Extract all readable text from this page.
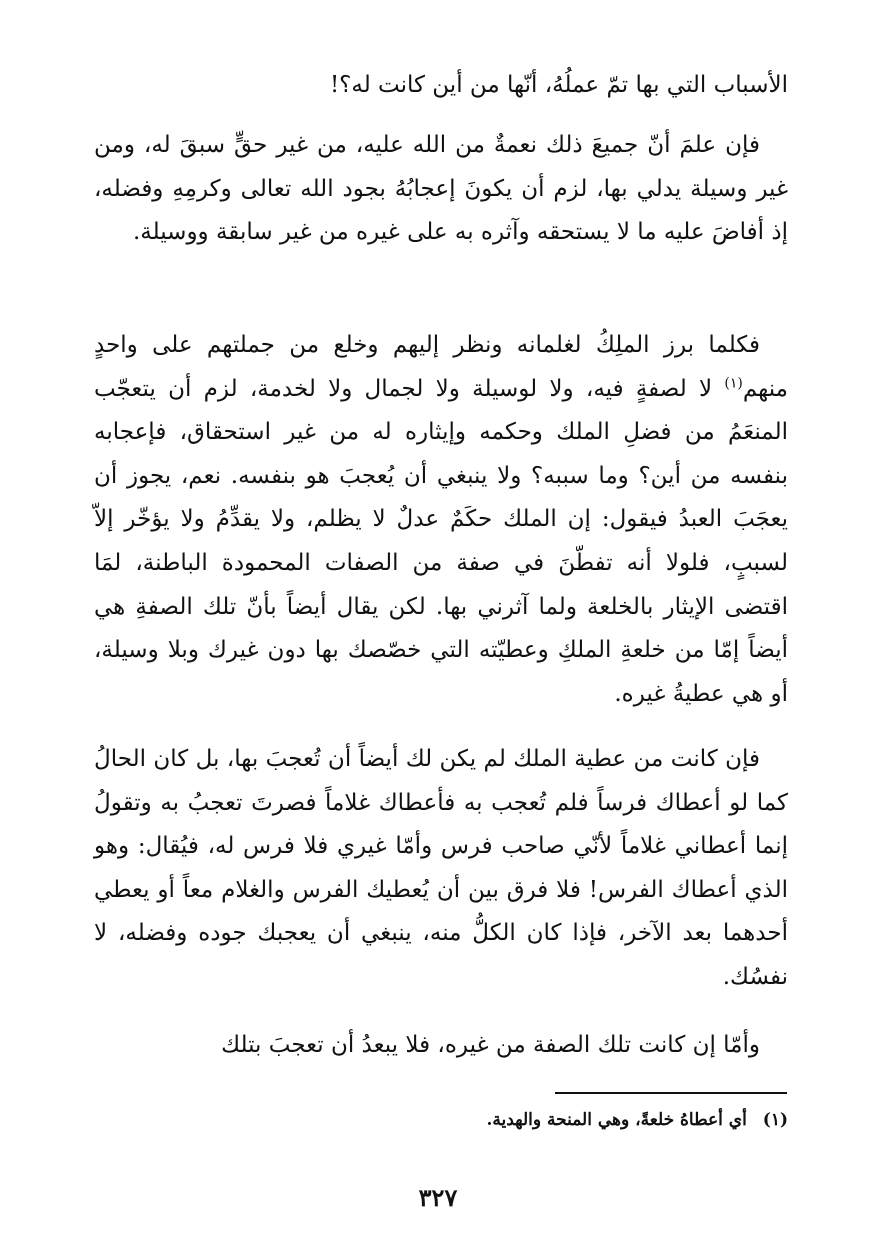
الأسباب التي بها تمّ عملُهُ، أنّها من أين كانت له؟!

فإن علمَ أنّ جميعَ ذلك نعمةٌ من الله عليه، من غير حقٍّ سبقَ له، ومن غير وسيلة يدلي بها، لزم أن يكونَ إعجابُهُ بجود الله تعالى وكرمِهِ وفضله، إذ أفاضَ عليه ما لا يستحقه وآثره به على غيره من غير سابقة ووسيلة.

فكلما برز الملِكُ لغلمانه ونظر إليهم وخلع من جملتهم على واحدٍ منهم$^{(١)}$ لا لصفةٍ فيه، ولا لوسيلة ولا لجمال ولا لخدمة، لزم أن يتعجّب المنعَمُ من فضلِ الملك وحكمه وإيثاره له من غير استحقاق، فإعجابه بنفسه من أين؟ وما سببه؟ ولا ينبغي أن يُعجبَ هو بنفسه. نعم، يجوز أن يعجَبَ العبدُ فيقول: إن الملك حكَمٌ عدلٌ لا يظلم، ولا يقدِّمُ ولا يؤخّر إلاّ لسببٍ، فلولا أنه تفطّنَ في صفة من الصفات المحمودة الباطنة، لمَا اقتضى الإيثار بالخلعة ولما آثرني بها. لكن يقال أيضاً بأنّ تلك الصفةِ هي أيضاً إمّا من خلعةِ الملكِ وعطيّته التي خصّصك بها دون غيرك وبلا وسيلة، أو هي عطيةُ غيره.

فإن كانت من عطية الملك لم يكن لك أيضاً أن تُعجبَ بها، بل كان الحالُ كما لو أعطاك فرساً فلم تُعجب به فأعطاك غلاماً فصرتَ تعجبُ به وتقولُ إنما أعطاني غلاماً لأنّي صاحب فرس وأمّا غيري فلا فرس له، فيُقال: وهو الذي أعطاك الفرس! فلا فرق بين أن يُعطيك الفرس والغلام معاً أو يعطي أحدهما بعد الآخر، فإذا كان الكلُّ منه، ينبغي أن يعجبك جوده وفضله، لا نفسُك.

وأمّا إن كانت تلك الصفة من غيره، فلا يبعدُ أن تعجبَ بتلك

(١) أي أعطاهُ خلعةً، وهي المنحة والهدية.
٣٢٧
